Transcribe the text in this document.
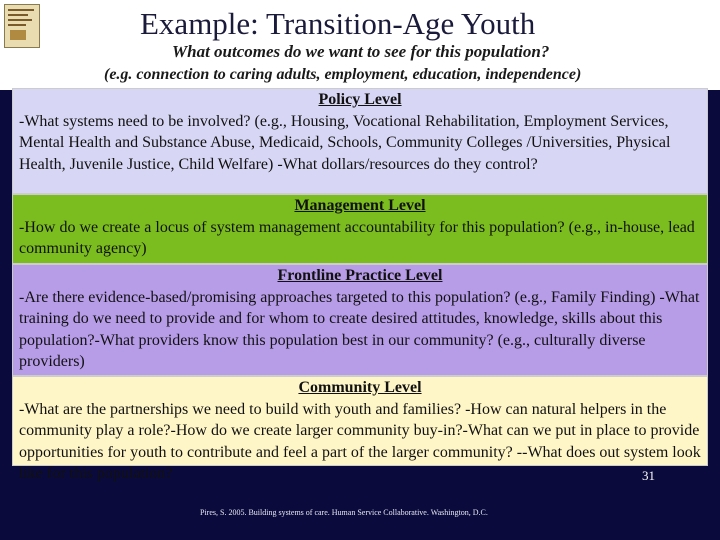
Example: Transition-Age Youth
What outcomes do we want to see for this population?
(e.g. connection to caring adults, employment, education, independence)
Policy Level
-What systems need to be involved? (e.g., Housing, Vocational Rehabilitation, Employment Services, Mental Health and Substance Abuse, Medicaid, Schools, Community Colleges /Universities, Physical Health, Juvenile Justice, Child Welfare) -What dollars/resources do they control?
Management Level
-How do we create a locus of system management accountability for this population? (e.g., in-house, lead community agency)
Frontline Practice Level
-Are there evidence-based/promising approaches targeted to this population? (e.g., Family Finding) -What training do we need to provide and for whom to create desired attitudes, knowledge, skills about this population?-What providers know this population best in our community? (e.g., culturally diverse providers)
Community Level
-What are the partnerships we need to build with youth and families? -How can natural helpers in the community play a role?-How do we create larger community buy-in?-What can we put in place to provide opportunities for youth to contribute and feel a part of the larger community? --What does out system look like for this population?
Pires, S. 2005. Building systems of care. Human Service Collaborative. Washington, D.C.
31
